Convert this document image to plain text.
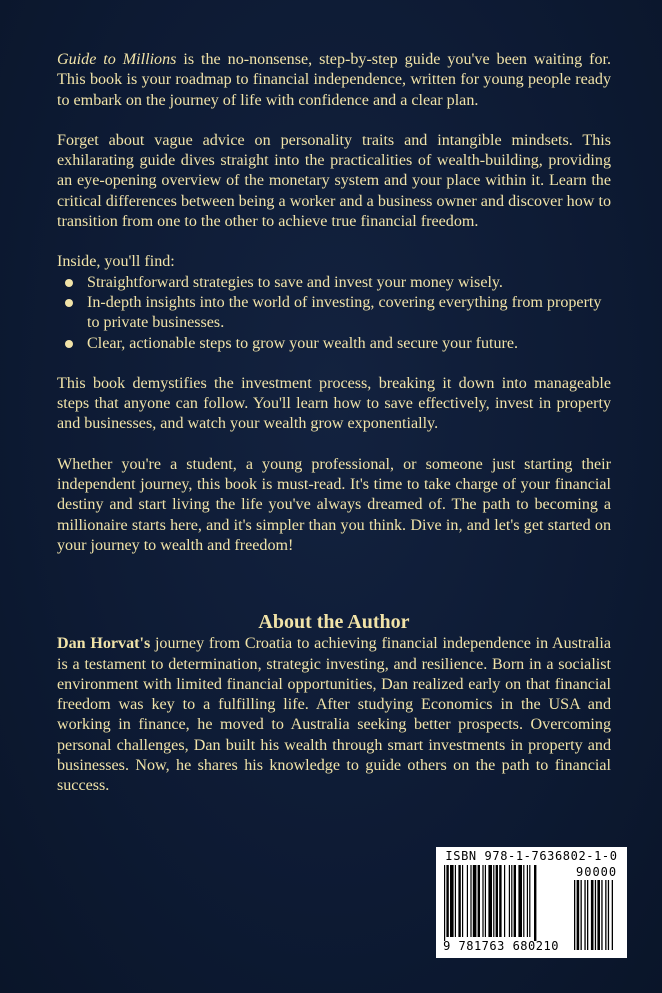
Guide to Millions is the no-nonsense, step-by-step guide you've been waiting for. This book is your roadmap to financial independence, written for young people ready to embark on the journey of life with confidence and a clear plan.

Forget about vague advice on personality traits and intangible mindsets. This exhilarating guide dives straight into the practicalities of wealth-building, providing an eye-opening overview of the monetary system and your place within it. Learn the critical differences between being a worker and a business owner and discover how to transition from one to the other to achieve true financial freedom.

Inside, you'll find:

Straightforward strategies to save and invest your money wisely.
In-depth insights into the world of investing, covering everything from property to private businesses.
Clear, actionable steps to grow your wealth and secure your future.

This book demystifies the investment process, breaking it down into manageable steps that anyone can follow. You'll learn how to save effectively, invest in property and businesses, and watch your wealth grow exponentially.

Whether you're a student, a young professional, or someone just starting their independent journey, this book is must-read. It's time to take charge of your financial destiny and start living the life you've always dreamed of. The path to becoming a millionaire starts here, and it's simpler than you think. Dive in, and let's get started on your journey to wealth and freedom!

About the Author

Dan Horvat's journey from Croatia to achieving financial independence in Australia is a testament to determination, strategic investing, and resilience. Born in a socialist environment with limited financial opportunities, Dan realized early on that financial freedom was key to a fulfilling life. After studying Economics in the USA and working in finance, he moved to Australia seeking better prospects. Overcoming personal challenges, Dan built his wealth through smart investments in property and businesses. Now, he shares his knowledge to guide others on the path to financial success.

ISBN 978-1-7636802-1-0
90000
9 781763 680210
